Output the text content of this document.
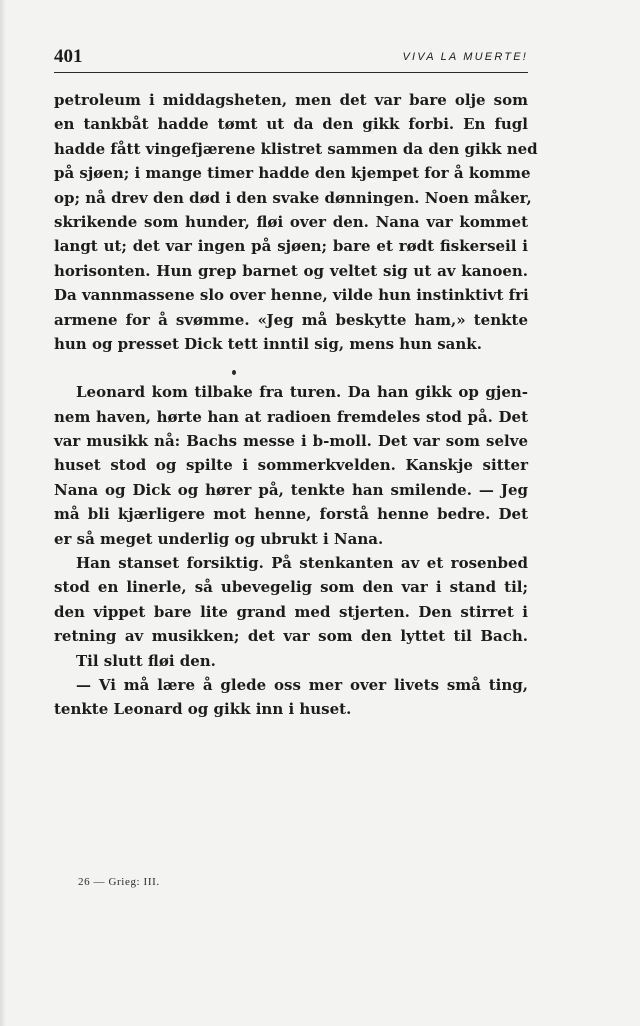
401	VIVA LA MUERTE!
petroleum i middagsheten, men det var bare olje som
en tankbåt hadde tømt ut da den gikk forbi. En fugl
hadde fått vingefjærene klistret sammen da den gikk ned
på sjøen; i mange timer hadde den kjempet for å komme
op; nå drev den død i den svake dønningen. Noen måker,
skrikende som hunder, fløi over den. Nana var kommet
langt ut; det var ingen på sjøen; bare et rødt fiskerseil i
horisonten. Hun grep barnet og veltet sig ut av kanoen.
Da vannmassene slo over henne, vilde hun instinktivt fri
armene for å svømme. «Jeg må beskytte ham,» tenkte
hun og presset Dick tett inntil sig, mens hun sank.
Leonard kom tilbake fra turen. Da han gikk op gjen-
nem haven, hørte han at radioen fremdeles stod på. Det
var musikk nå: Bachs messe i b-moll. Det var som selve
huset stod og spilte i sommerkvelden. Kanskje sitter
Nana og Dick og hører på, tenkte han smilende. — Jeg
må bli kjærligere mot henne, forstå henne bedre. Det
er så meget underlig og ubrukt i Nana.
Han stanset forsiktig. På stenkanten av et rosenbed
stod en linerle, så ubevegelig som den var i stand til;
den vippet bare lite grand med stjerten. Den stirret i
retning av musikken; det var som den lyttet til Bach.
Til slutt fløi den.
— Vi må lære å glede oss mer over livets små ting,
tenkte Leonard og gikk inn i huset.
26 — Grieg: III.
